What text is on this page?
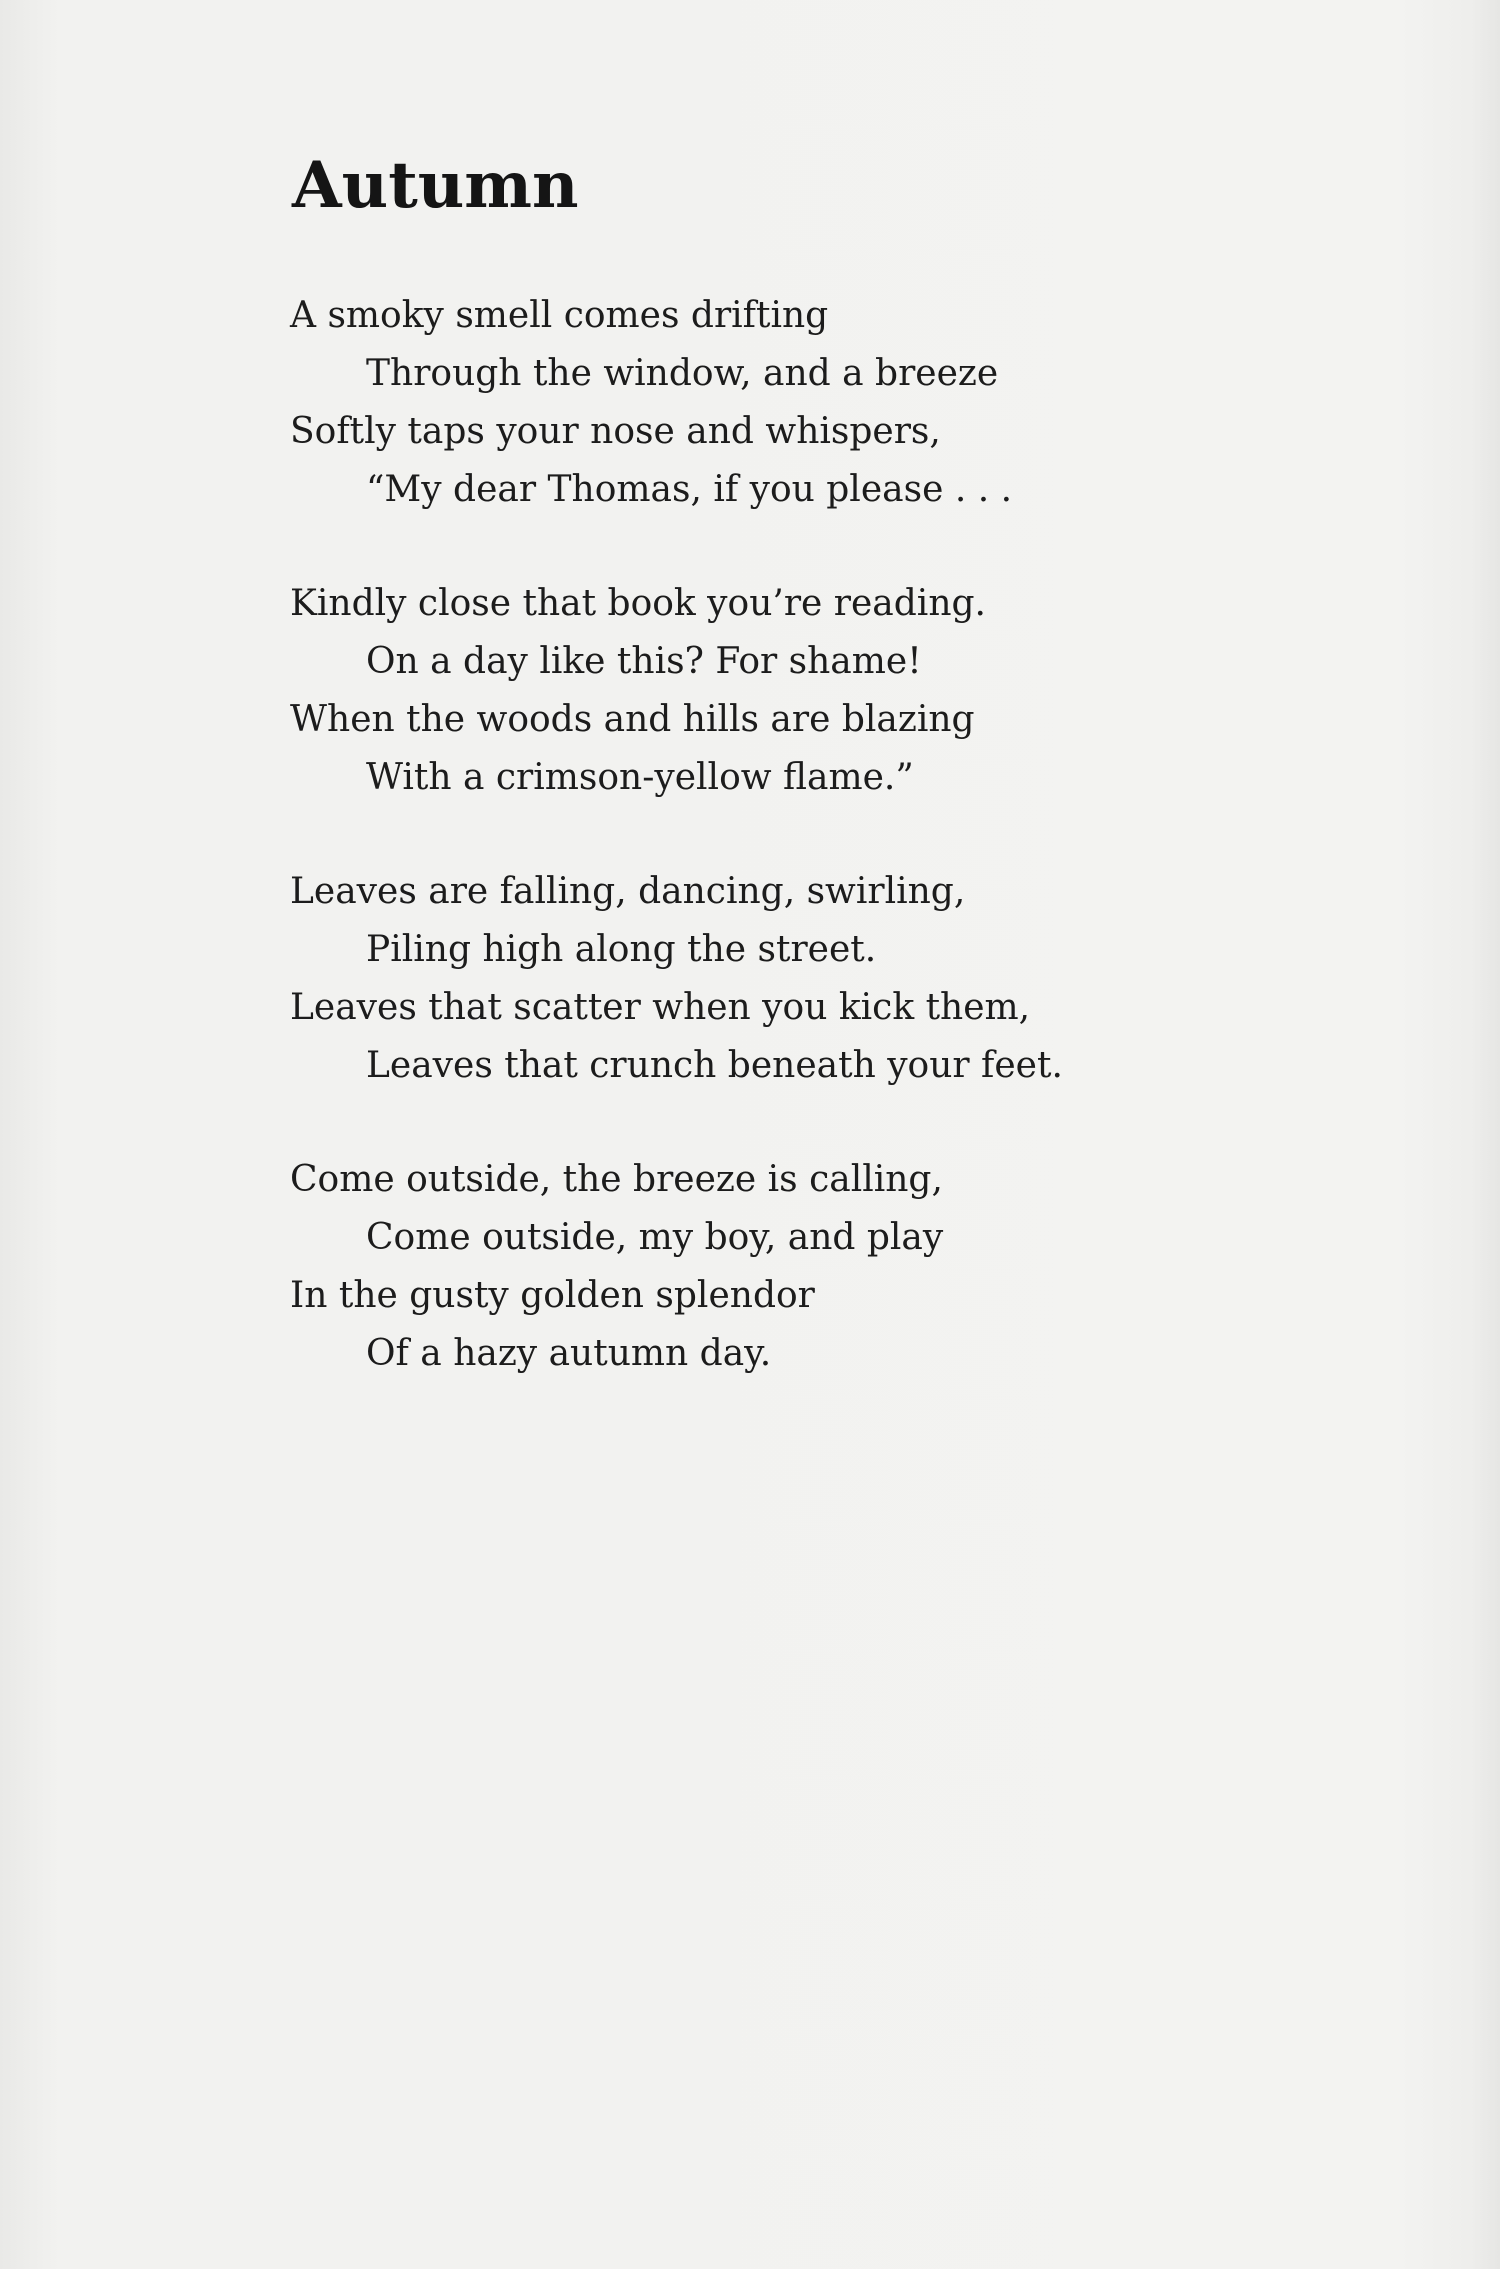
Autumn
A smoky smell comes drifting
Through the window, and a breeze
Softly taps your nose and whispers,
“My dear Thomas, if you please . . .
Kindly close that book you’re reading.
On a day like this? For shame!
When the woods and hills are blazing
With a crimson-yellow flame.”
Leaves are falling, dancing, swirling,
Piling high along the street.
Leaves that scatter when you kick them,
Leaves that crunch beneath your feet.
Come outside, the breeze is calling,
Come outside, my boy, and play
In the gusty golden splendor
Of a hazy autumn day.
